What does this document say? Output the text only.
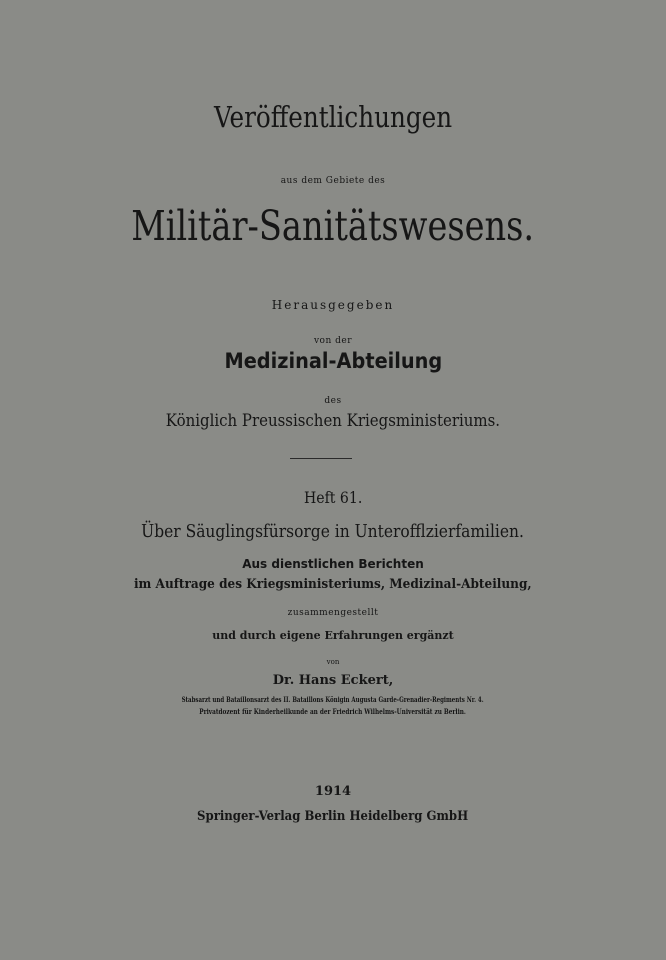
Veröffentlichungen
aus dem Gebiete des
Militär-Sanitätswesens.
Herausgegeben
von der
Medizinal-Abteilung
des
Königlich Preussischen Kriegsministeriums.
Heft 61.
Über Säuglingsfürsorge in Unterofflzierfamilien.
Aus dienstlichen Berichten
im Auftrage des Kriegsministeriums, Medizinal-Abteilung,
zusammengestellt
und durch eigene Erfahrungen ergänzt
von
Dr. Hans Eckert,
Stabsarzt und Bataillonsarzt des II. Bataillons Königin Augusta Garde-Grenadier-Regiments Nr. 4.
Privatdozent für Kinderheilkunde an der Friedrich Wilhelms-Universität zu Berlin.
1914
Springer-Verlag Berlin Heidelberg GmbH
